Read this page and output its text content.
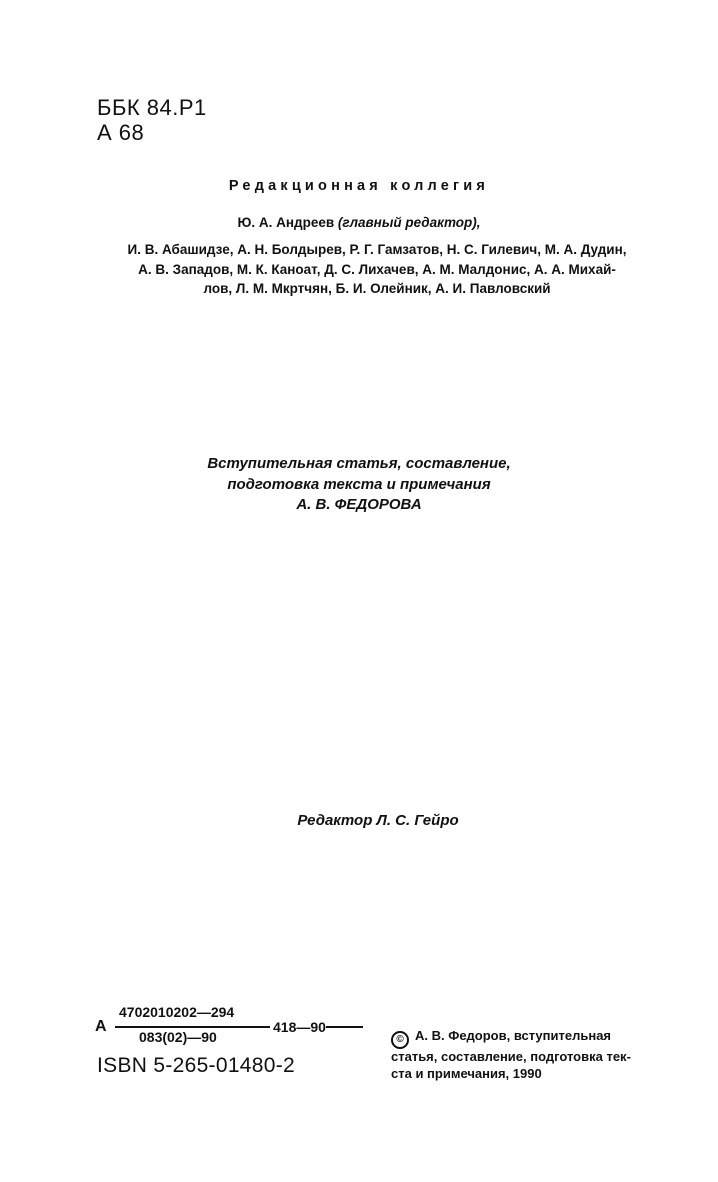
ББК 84.Р1
А 68
Редакционная коллегия
Ю. А. Андреев (главный редактор),
И. В. Абашидзе, А. Н. Болдырев, Р. Г. Гамзатов, Н. С. Гилевич, М. А. Дудин,
А. В. Западов, М. К. Каноат, Д. С. Лихачев, А. М. Малдонис, А. А. Михай-
лов, Л. М. Мкртчян, Б. И. Олейник, А. И. Павловский
Вступительная статья, составление,
подготовка текста и примечания
А. В. ФЕДОРОВА
Редактор Л. С. Гейро
А
4702010202—294
083(02)—90
418—90
ISBN 5-265-01480-2
© А. В. Федоров, вступительная
статья, составление, подготовка тек-
ста и примечания, 1990
